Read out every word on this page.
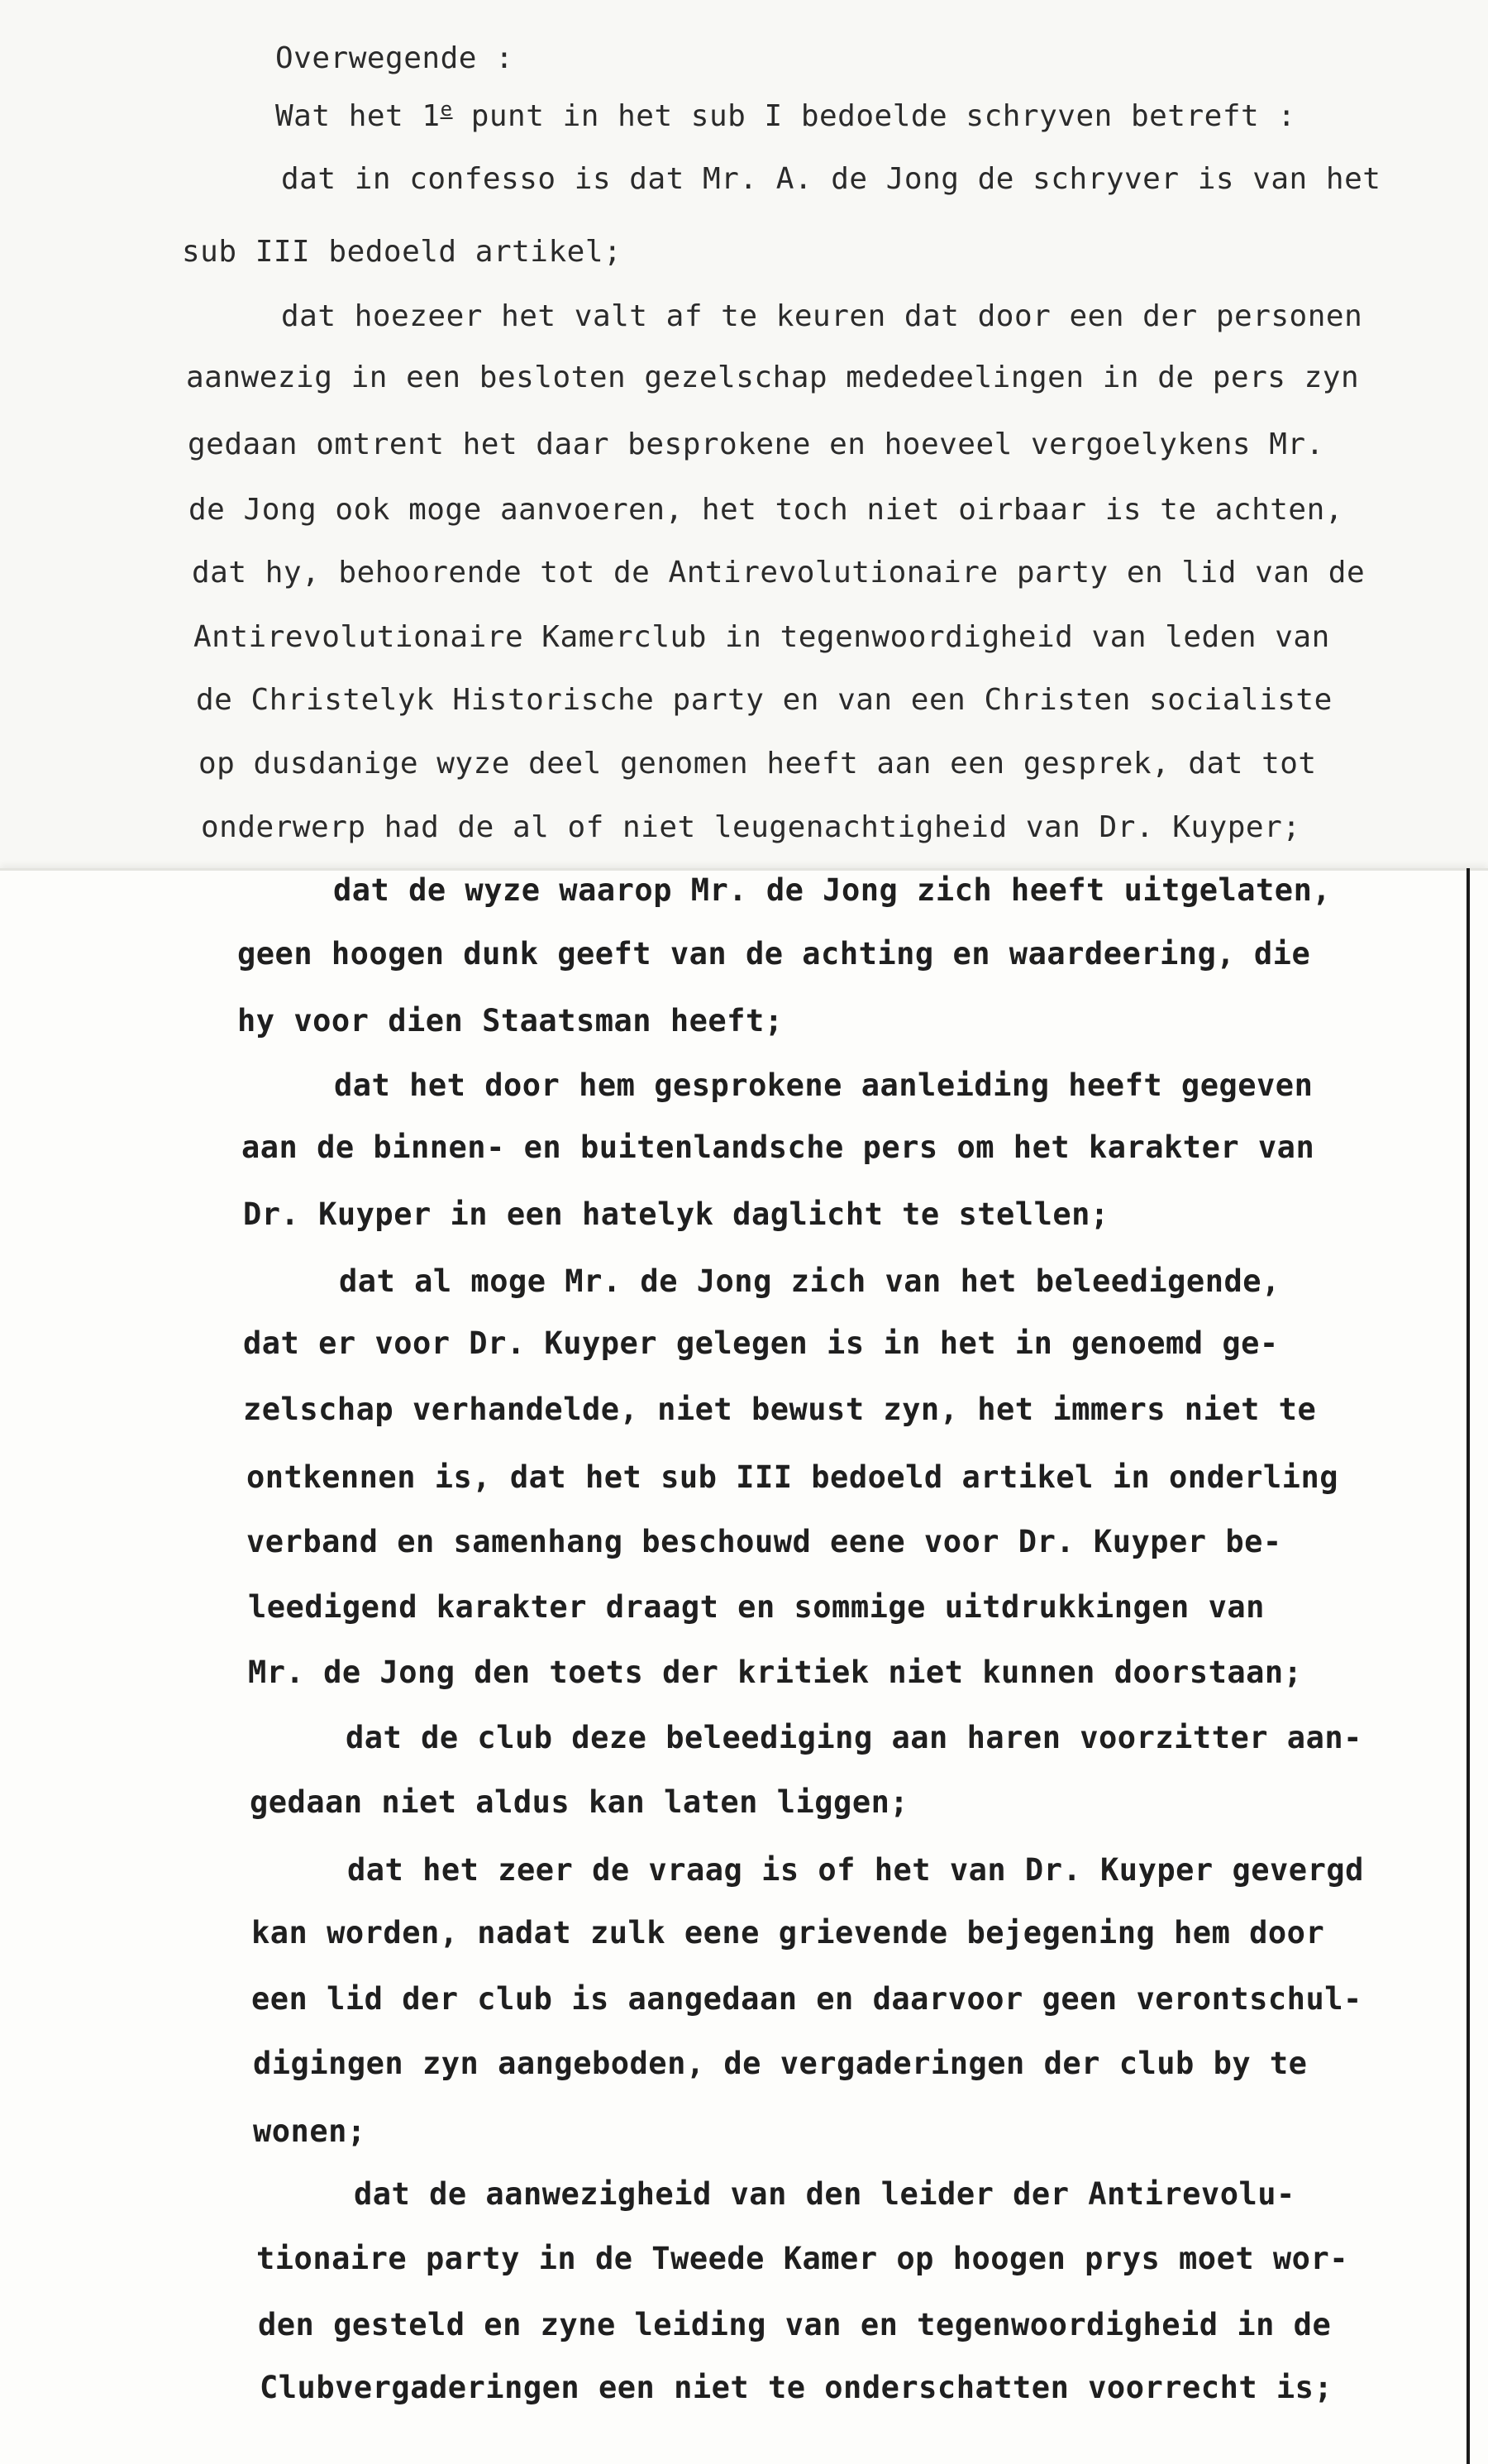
Overwegende :

Wat het 1e punt in het sub I bedoelde schryven betreft :

dat in confesso is dat Mr. A. de Jong de schryver is van het

sub III bedoeld artikel;

dat hoezeer het valt af te keuren dat door een der personen

aanwezig in een besloten gezelschap mededeelingen in de pers zyn

gedaan omtrent het daar besprokene en hoeveel vergoelykens Mr.

de Jong ook moge aanvoeren, het toch niet oirbaar is te achten,

dat hy, behoorende tot de Antirevolutionaire party en lid van de

Antirevolutionaire Kamerclub in tegenwoordigheid van leden van

de Christelyk Historische party en van een Christen socialiste

op dusdanige wyze deel genomen heeft aan een gesprek, dat tot

onderwerp had de al of niet leugenachtigheid van Dr. Kuyper;

dat de wyze waarop Mr. de Jong zich heeft uitgelaten,

geen hoogen dunk geeft van de achting en waardeering, die

hy voor dien Staatsman heeft;

dat het door hem gesprokene aanleiding heeft gegeven

aan de binnen- en buitenlandsche pers om het karakter van

Dr. Kuyper in een hatelyk daglicht te stellen;

dat al moge Mr. de Jong zich van het beleedigende,

dat er voor Dr. Kuyper gelegen is in het in genoemd ge-

zelschap verhandelde, niet bewust zyn, het immers niet te

ontkennen is, dat het sub III bedoeld artikel in onderling

verband en samenhang beschouwd eene voor Dr. Kuyper be-

leedigend karakter draagt en sommige uitdrukkingen van

Mr. de Jong den toets der kritiek niet kunnen doorstaan;

dat de club deze beleediging aan haren voorzitter aan-

gedaan niet aldus kan laten liggen;

dat het zeer de vraag is of het van Dr. Kuyper gevergd

kan worden, nadat zulk eene grievende bejegening hem door

een lid der club is aangedaan en daarvoor geen verontschul-

digingen zyn aangeboden, de vergaderingen der club by te

wonen;

dat de aanwezigheid van den leider der Antirevolu-

tionaire party in de Tweede Kamer op hoogen prys moet wor-

den gesteld en zyne leiding van en tegenwoordigheid in de

Clubvergaderingen een niet te onderschatten voorrecht is;
